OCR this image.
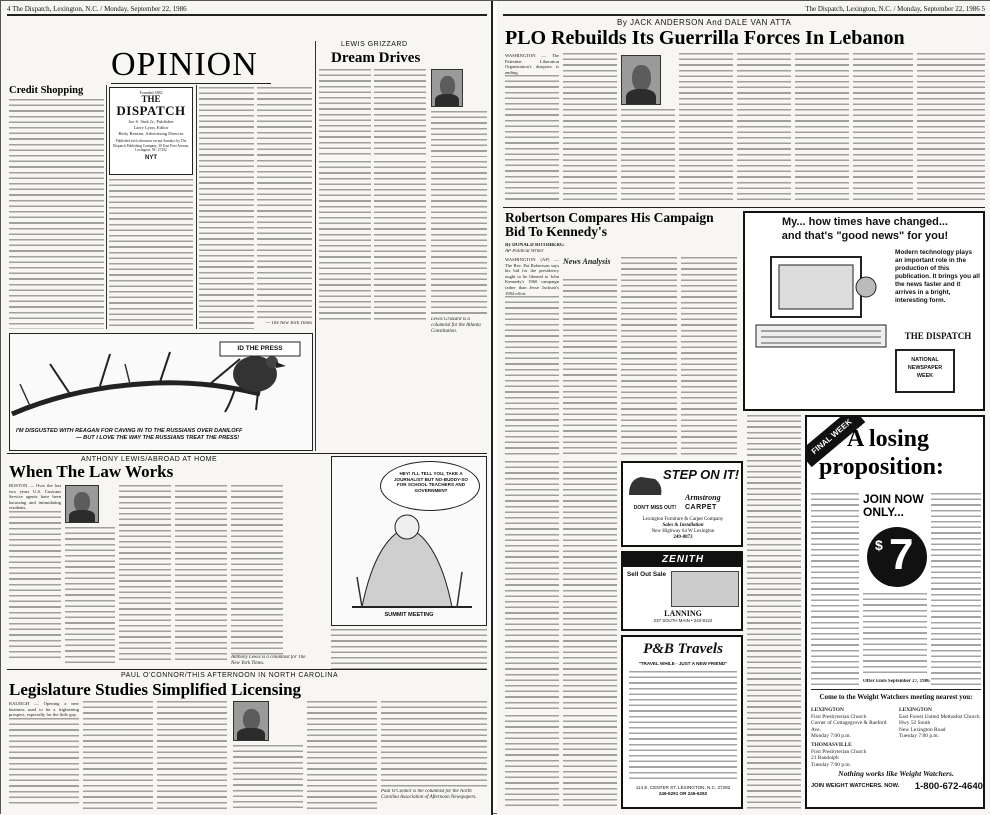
4 The Dispatch, Lexington, N.C. / Monday, September 22, 1986
OPINION
Credit Shopping	Founded 1882
THE
DISPATCH
Joe S. Sink Jr., Publisher
Larry Lyon, Editor
Betty Benson, Advertising Director
Published each afternoon except Sundays by The Dispatch Publishing Company, 30 East First Avenue, Lexington, NC 27292
NYT
— The New York Times
LEWIS GRIZZARD
Dream Drives
Lewis Grizzard is a columnist for the Atlanta Constitution.
ID THE PRESS
I'M DISGUSTED WITH REAGAN FOR CAVING IN TO THE RUSSIANS OVER DANILOFF
— BUT I LOVE THE WAY THE RUSSIANS TREAT THE PRESS!
ANTHONY LEWIS/ABROAD AT HOME
When The Law Works
BOSTON — Over the last two years U.S. Customs Service agents have been harassing and intimidating residents,
Anthony Lewis is a columnist for The New York Times.
HEY! I'LL TELL YOU, TAKE A JOURNALIST BUT NO-BUDDY-SO FOR SCHOOL TEACHERS AND GOVERNMENT
SUMMIT MEETING
PAUL O'CONNOR/THIS AFTERNOON IN NORTH CAROLINA
Legislature Studies Simplified Licensing
RALEIGH — Opening a new business used to be a frightening prospect, especially for the little guy.
Paul O'Connor is the columnist for the North Carolina Association of Afternoon Newspapers.
The Dispatch, Lexington, N.C. / Monday, September 22, 1986 5
By JACK ANDERSON And DALE VAN ATTA
PLO Rebuilds Its Guerrilla Forces In Lebanon
WASHINGTON — The Palestine Liberation Organization's diaspora is ending.
My... how times have changed...
and that's "good news" for you!
Modern technology plays an important role in the production of this publication. It brings you all the news faster and it arrives in a bright, interesting form.
THE DISPATCH
NATIONAL
NEWSPAPER
WEEK
Robertson Compares His Campaign Bid To Kennedy's
By DONALD ROTHBERG
AP Political Writer
WASHINGTON (AP) — The Rev. Pat Robertson says his bid for the presidency ought to be likened to John Kennedy's 1960 campaign rather than Jesse Jackson's 1984 effort.
News Analysis
STEP ON IT!
DON'T MISS OUT!
Armstrong
CARPET
Lexington Furniture & Carpet Company
Sales & Installation
New Highway 64 W Lexington
249-0873
ZENITH
Sell Out Sale
LANNING
237 SOUTH MAIN • 243-9122
P&B Travels
"TRAVEL WHILE - JUST A NEW FRIEND"
114 E. CENTER ST. LEXINGTON, N.C. 27292
246-6291 OR 246-6292
FINAL WEEK
A losing
proposition:
JOIN NOW ONLY...
$ 7
Offer Ends September 27, 1986
Come to the Weight Watchers meeting nearest you:
LEXINGTON
First Presbyterian Church
Corner of Cottagegrove & Raeford Ave.
Monday 7:00 p.m.
THOMASVILLE
First Presbyterian Church
21 Randolph
Tuesday 7:00 p.m.
LEXINGTON
East Forest United Methodist Church
Hwy 52 South
New Lexington Road
Tuesday 7:00 p.m.
Nothing works like Weight Watchers.
JOIN WEIGHT WATCHERS. NOW.	1-800-672-4640
